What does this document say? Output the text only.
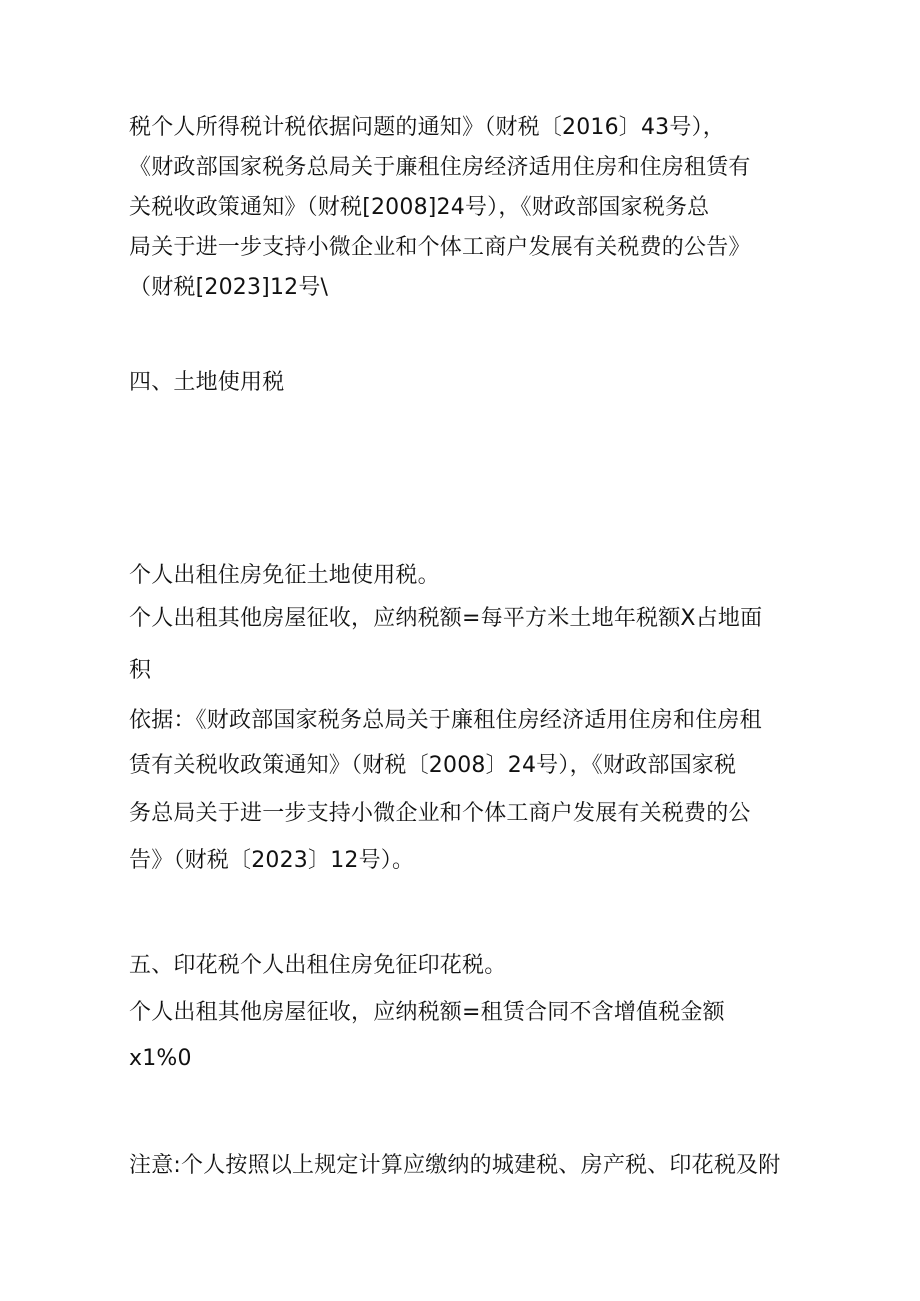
税个人所得税计税依据问题的通知》（财税〔2016〕43号），
《财政部国家税务总局关于廉租住房经济适用住房和住房租赁有
关税收政策通知》（财税[2008]24号），《财政部国家税务总
局关于进一步支持小微企业和个体工商户发展有关税费的公告》
（财税[2023]12号\
四、土地使用税
个人出租住房免征土地使用税。
个人出租其他房屋征收，应纳税额=每平方米土地年税额X占地面
积
依据：《财政部国家税务总局关于廉租住房经济适用住房和住房租
赁有关税收政策通知》（财税〔2008〕24号），《财政部国家税
务总局关于进一步支持小微企业和个体工商户发展有关税费的公
告》（财税〔2023〕12号）。
五、印花税个人出租住房免征印花税。
个人出租其他房屋征收，应纳税额=租赁合同不含增值税金额
x1%0
注意:个人按照以上规定计算应缴纳的城建税、房产税、印花税及附
